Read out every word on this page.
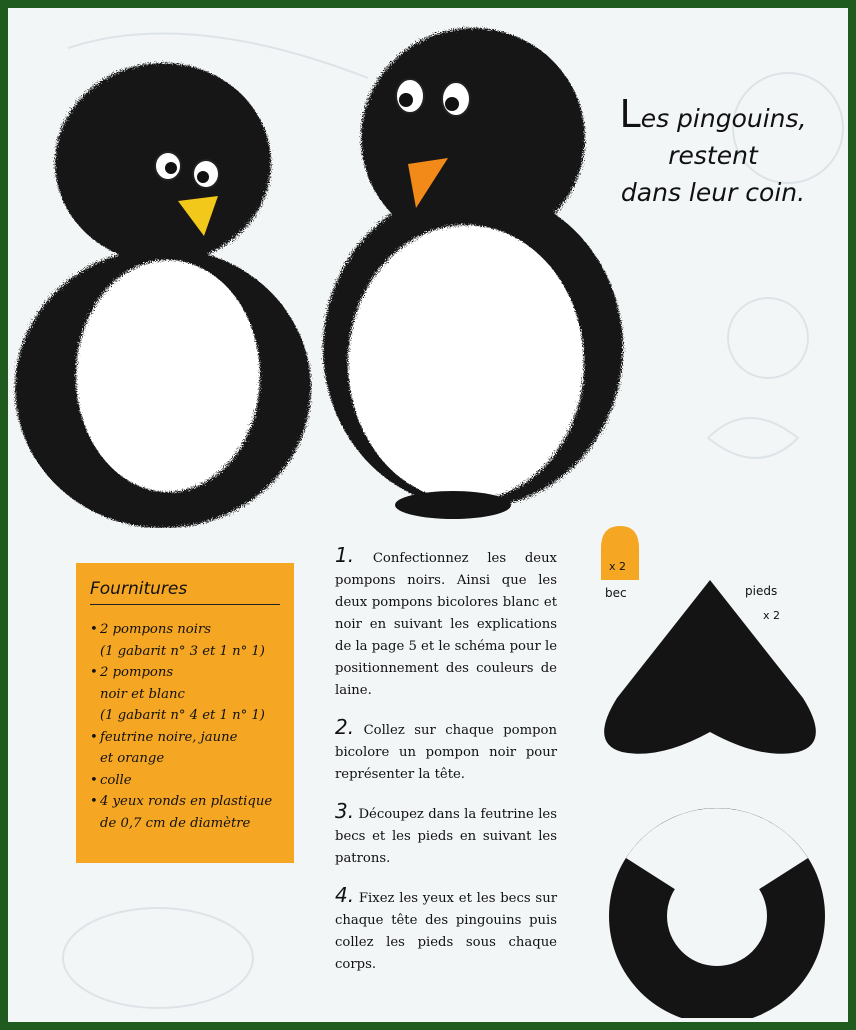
Les pingouins,
restent
dans leur coin.
Fournitures
• 2 pompons noirs
(1 gabarit n° 3 et 1 n° 1)
• 2 pompons
noir et blanc
(1 gabarit n° 4 et 1 n° 1)
• feutrine noire, jaune
et orange
• colle
• 4 yeux ronds en plastique
de 0,7 cm de diamètre

1. Confectionnez les deux pompons noirs. Ainsi que les deux pompons bicolores blanc et noir en suivant les explications de la page 5 et le schéma pour le positionnement des couleurs de laine.

2. Collez sur chaque pompon bicolore un pompon noir pour représenter la tête.

3. Découpez dans la feutrine les becs et les pieds en suivant les patrons.

4. Fixez les yeux et les becs sur chaque tête des pingouins puis collez les pieds sous chaque corps.

x 2
bec	pieds
x 2
